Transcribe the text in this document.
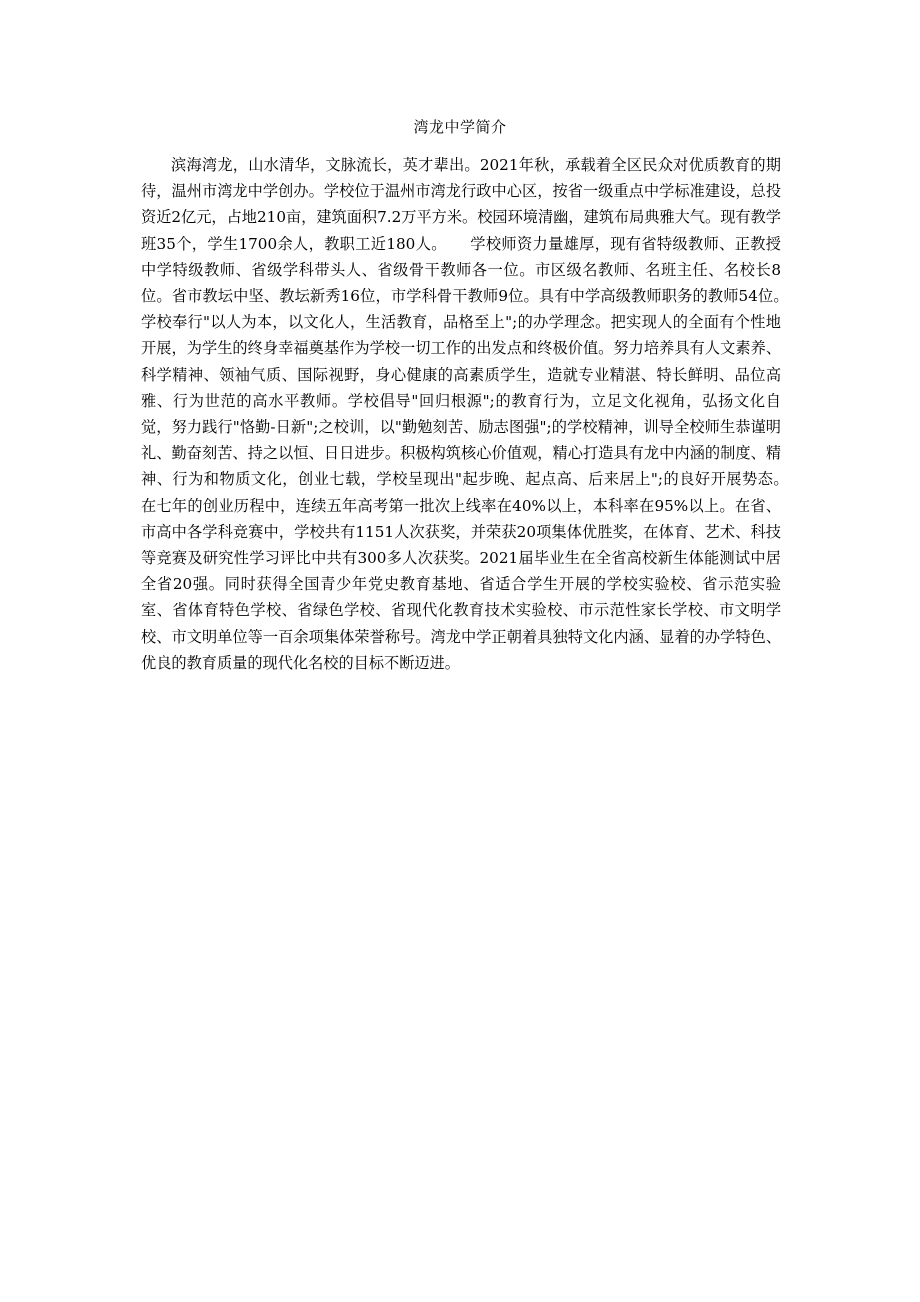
湾龙中学简介

滨海湾龙，山水清华，文脉流长，英才辈出。2021年秋，承载着全区民众对优质教育的期待，温州市湾龙中学创办。学校位于温州市湾龙行政中心区，按省一级重点中学标准建设，总投资近2亿元，占地210亩，建筑面积7.2万平方米。校园环境清幽，建筑布局典雅大气。现有教学班35个，学生1700余人，教职工近180人。　　学校师资力量雄厚，现有省特级教师、正教授中学特级教师、省级学科带头人、省级骨干教师各一位。市区级名教师、名班主任、名校长8位。省市教坛中坚、教坛新秀16位，市学科骨干教师9位。具有中学高级教师职务的教师54位。　　学校奉行"以人为本，以文化人，生活教育，品格至上";的办学理念。把实现人的全面有个性地开展，为学生的终身幸福奠基作为学校一切工作的出发点和终极价值。努力培养具有人文素养、科学精神、领袖气质、国际视野，身心健康的高素质学生，造就专业精湛、特长鲜明、品位高雅、行为世范的高水平教师。学校倡导"回归根源";的教育行为，立足文化视角，弘扬文化自觉，努力践行"恪勤-日新";之校训，以"勤勉刻苦、励志图强";的学校精神，训导全校师生恭谨明礼、勤奋刻苦、持之以恒、日日进步。积极构筑核心价值观，精心打造具有龙中内涵的制度、精神、行为和物质文化，创业七载，学校呈现出"起步晚、起点高、后来居上";的良好开展势态。　　在七年的创业历程中，连续五年高考第一批次上线率在40%以上，本科率在95%以上。在省、市高中各学科竞赛中，学校共有1151人次获奖，并荣获20项集体优胜奖，在体育、艺术、科技等竞赛及研究性学习评比中共有300多人次获奖。2021届毕业生在全省高校新生体能测试中居全省20强。同时获得全国青少年党史教育基地、省适合学生开展的学校实验校、省示范实验室、省体育特色学校、省绿色学校、省现代化教育技术实验校、市示范性家长学校、市文明学校、市文明单位等一百余项集体荣誉称号。湾龙中学正朝着具独特文化内涵、显着的办学特色、优良的教育质量的现代化名校的目标不断迈进。
